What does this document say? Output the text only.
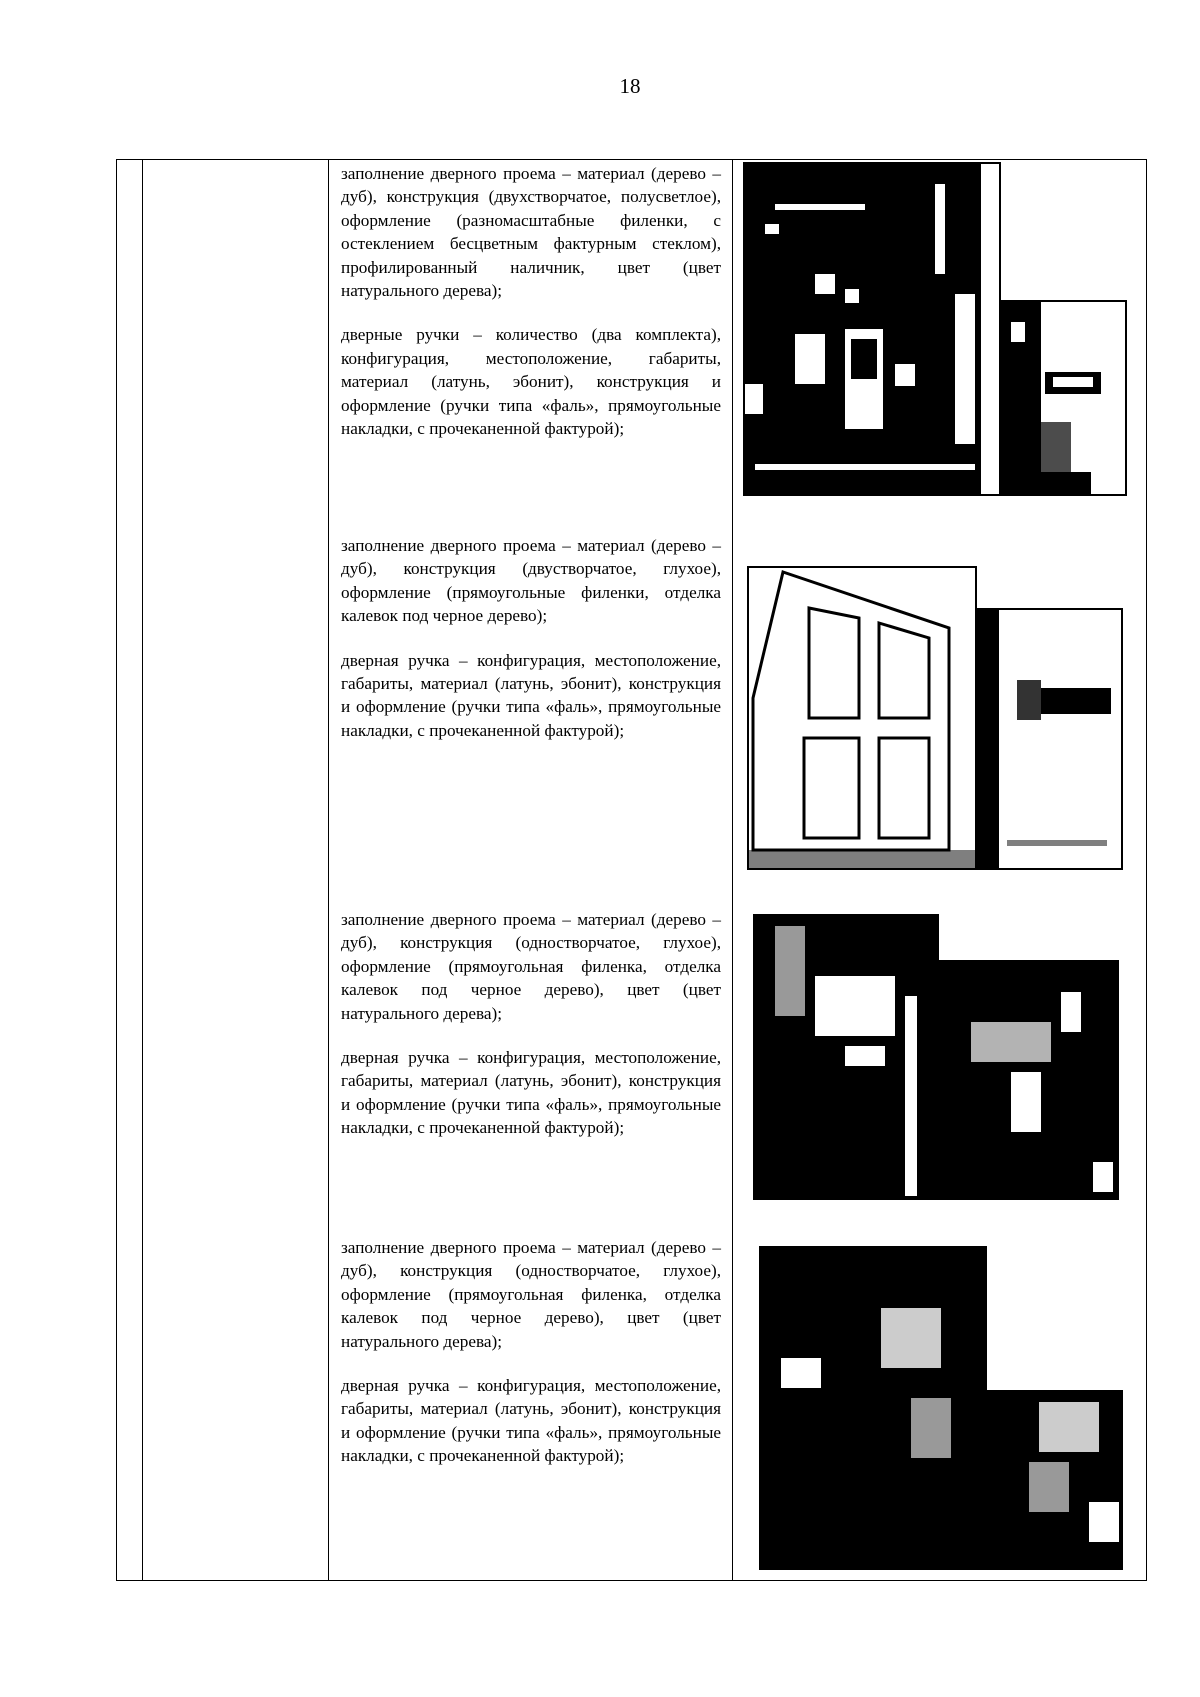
18

заполнение дверного проема – материал (дерево – дуб), конструкция (двухстворчатое, полусветлое), оформление (разномасштабные филенки, с остеклением бесцветным фактурным стеклом), профилированный наличник, цвет (цвет натурального дерева);

дверные ручки – количество (два комплекта), конфигурация, местоположение, габариты, материал (латунь, эбонит), конструкция и оформление (ручки типа «фаль», прямоугольные накладки, с прочеканенной фактурой);

заполнение дверного проема – материал (дерево – дуб), конструкция (двустворчатое, глухое), оформление (прямоугольные филенки, отделка калевок под черное дерево);

дверная ручка – конфигурация, местоположение, габариты, материал (латунь, эбонит), конструкция и оформление (ручки типа «фаль», прямоугольные накладки, с прочеканенной фактурой);

заполнение дверного проема – материал (дерево – дуб), конструкция (одностворчатое, глухое), оформление (прямоугольная филенка, отделка калевок под черное дерево), цвет (цвет натурального дерева);

дверная ручка – конфигурация, местоположение, габариты, материал (латунь, эбонит), конструкция и оформление (ручки типа «фаль», прямоугольные накладки, с прочеканенной фактурой);

заполнение дверного проема – материал (дерево – дуб), конструкция (одностворчатое, глухое), оформление (прямоугольная филенка, отделка калевок под черное дерево), цвет (цвет натурального дерева);

дверная ручка – конфигурация, местоположение, габариты, материал (латунь, эбонит), конструкция и оформление (ручки типа «фаль», прямоугольные накладки, с прочеканенной фактурой);
